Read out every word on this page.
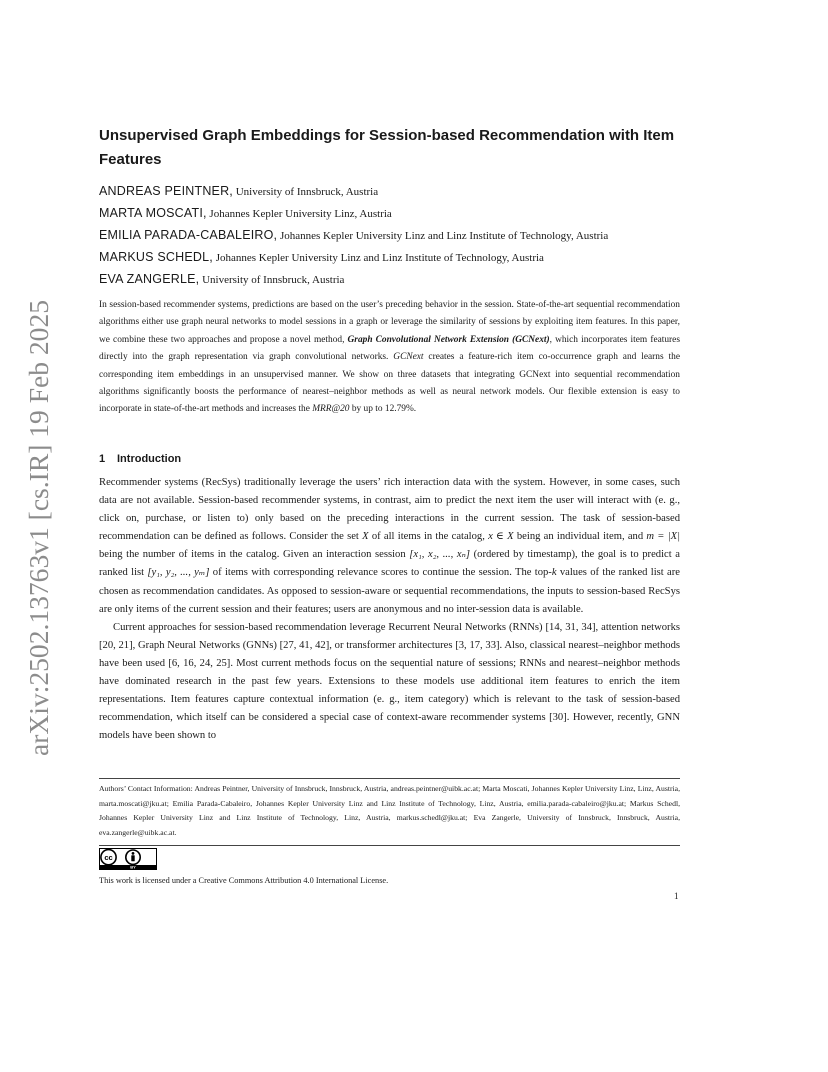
arXiv:2502.13763v1 [cs.IR] 19 Feb 2025
Unsupervised Graph Embeddings for Session-based Recommendation with Item Features
ANDREAS PEINTNER, University of Innsbruck, Austria
MARTA MOSCATI, Johannes Kepler University Linz, Austria
EMILIA PARADA-CABALEIRO, Johannes Kepler University Linz and Linz Institute of Technology, Austria
MARKUS SCHEDL, Johannes Kepler University Linz and Linz Institute of Technology, Austria
EVA ZANGERLE, University of Innsbruck, Austria

In session-based recommender systems, predictions are based on the user’s preceding behavior in the session. State-of-the-art sequential recommendation algorithms either use graph neural networks to model sessions in a graph or leverage the similarity of sessions by exploiting item features. In this paper, we combine these two approaches and propose a novel method, Graph Convolutional Network Extension (GCNext), which incorporates item features directly into the graph representation via graph convolutional networks. GCNext creates a feature-rich item co-occurrence graph and learns the corresponding item embeddings in an unsupervised manner. We show on three datasets that integrating GCNext into sequential recommendation algorithms significantly boosts the performance of nearest–neighbor methods as well as neural network models. Our flexible extension is easy to incorporate in state-of-the-art methods and increases the MRR@20 by up to 12.79%.

1 Introduction

Recommender systems (RecSys) traditionally leverage the users’ rich interaction data with the system. However, in some cases, such data are not available. Session-based recommender systems, in contrast, aim to predict the next item the user will interact with (e. g., click on, purchase, or listen to) only based on the preceding interactions in the current session. The task of session-based recommendation can be defined as follows. Consider the set X of all items in the catalog, x ∈ X being an individual item, and m = |X| being the number of items in the catalog. Given an interaction session [x₁, x₂, ..., xₙ] (ordered by timestamp), the goal is to predict a ranked list [y₁, y₂, ..., yₘ] of items with corresponding relevance scores to continue the session. The top-k values of the ranked list are chosen as recommendation candidates. As opposed to session-aware or sequential recommendations, the inputs to session-based RecSys are only items of the current session and their features; users are anonymous and no inter-session data is available.

Current approaches for session-based recommendation leverage Recurrent Neural Networks (RNNs) [14, 31, 34], attention networks [20, 21], Graph Neural Networks (GNNs) [27, 41, 42], or transformer architectures [3, 17, 33]. Also, classical nearest–neighbor methods have been used [6, 16, 24, 25]. Most current methods focus on the sequential nature of sessions; RNNs and nearest–neighbor methods have dominated research in the past few years. Extensions to these models use additional item features to enrich the item representations. Item features capture contextual information (e. g., item category) which is relevant to the task of session-based recommendation, which itself can be considered a special case of context-aware recommender systems [30]. However, recently, GNN models have been shown to

Authors’ Contact Information: Andreas Peintner, University of Innsbruck, Innsbruck, Austria, andreas.peintner@uibk.ac.at; Marta Moscati, Johannes Kepler University Linz, Linz, Austria, marta.moscati@jku.at; Emilia Parada-Cabaleiro, Johannes Kepler University Linz and Linz Institute of Technology, Linz, Austria, emilia.parada-cabaleiro@jku.at; Markus Schedl, Johannes Kepler University Linz and Linz Institute of Technology, Linz, Austria, markus.schedl@jku.at; Eva Zangerle, University of Innsbruck, Innsbruck, Austria, eva.zangerle@uibk.ac.at.

cc
BY

This work is licensed under a Creative Commons Attribution 4.0 International License.

1
